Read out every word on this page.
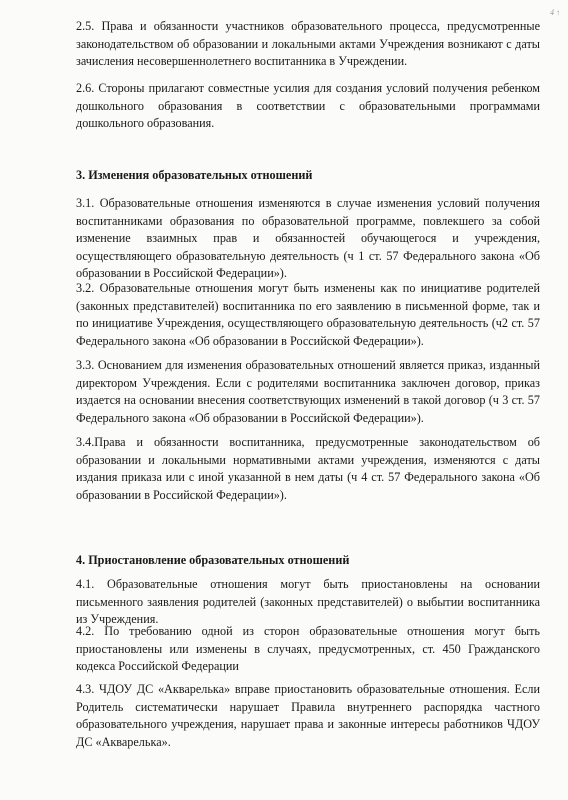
4 ↑

2.5. Права и обязанности участников образовательного процесса, предусмотренные законодательством об образовании и локальными актами Учреждения возникают с даты зачисления несовершеннолетнего воспитанника в Учреждении.

2.6. Стороны прилагают совместные усилия для создания условий получения ребенком дошкольного образования в соответствии с образовательными программами дошкольного образования.

3. Изменения образовательных отношений

3.1. Образовательные отношения изменяются в случае изменения условий получения воспитанниками образования по образовательной программе, повлекшего за собой изменение взаимных прав и обязанностей обучающегося и учреждения, осуществляющего образовательную деятельность (ч 1 ст. 57 Федерального закона «Об образовании в Российской Федерации»).

3.2. Образовательные отношения могут быть изменены как по инициативе родителей (законных представителей) воспитанника по его заявлению в письменной форме, так и по инициативе Учреждения, осуществляющего образовательную деятельность (ч2 ст. 57 Федерального закона «Об образовании в Российской Федерации»).

3.3. Основанием для изменения образовательных отношений является приказ, изданный директором Учреждения. Если с родителями воспитанника заключен договор, приказ издается на основании внесения соответствующих изменений в такой договор (ч 3 ст. 57 Федерального закона «Об образовании в Российской Федерации»).

3.4.Права и обязанности воспитанника, предусмотренные законодательством об образовании и локальными нормативными актами учреждения, изменяются с даты издания приказа или с иной указанной в нем даты (ч 4 ст. 57 Федерального закона «Об образовании в Российской Федерации»).

4. Приостановление образовательных отношений

4.1. Образовательные отношения могут быть приостановлены на основании письменного заявления родителей (законных представителей) о выбытии воспитанника из Учреждения.

4.2. По требованию одной из сторон образовательные отношения могут быть приостановлены или изменены в случаях, предусмотренных, ст. 450 Гражданского кодекса Российской Федерации

4.3. ЧДОУ ДС «Акварелька» вправе приостановить образовательные отношения. Если Родитель систематически нарушает Правила внутреннего распорядка частного образовательного учреждения, нарушает права и законные интересы работников ЧДОУ ДС «Акварелька».
